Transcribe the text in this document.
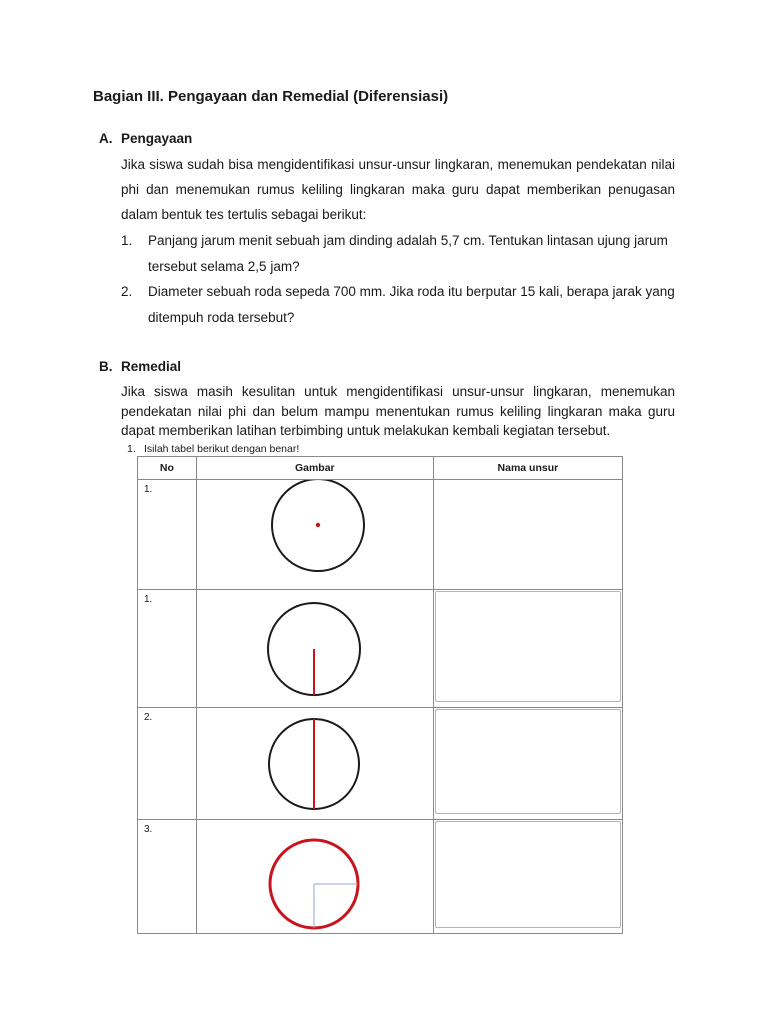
Bagian III. Pengayaan dan Remedial (Diferensiasi)
A. Pengayaan
Jika siswa sudah bisa mengidentifikasi unsur-unsur lingkaran, menemukan pendekatan nilai phi dan menemukan rumus keliling lingkaran maka guru dapat memberikan penugasan dalam bentuk tes tertulis sebagai berikut:
1. Panjang jarum menit sebuah jam dinding adalah 5,7 cm. Tentukan lintasan ujung jarum tersebut selama 2,5 jam?
2. Diameter sebuah roda sepeda 700 mm. Jika roda itu berputar 15 kali, berapa jarak yang ditempuh roda tersebut?
B. Remedial
Jika siswa masih kesulitan untuk mengidentifikasi unsur-unsur lingkaran, menemukan pendekatan nilai phi dan belum mampu menentukan rumus keliling lingkaran maka guru dapat memberikan latihan terbimbing untuk melakukan kembali kegiatan tersebut.
1. Isilah tabel berikut dengan benar!
No	Gambar	Nama unsur

1.

1.

2.

3.
